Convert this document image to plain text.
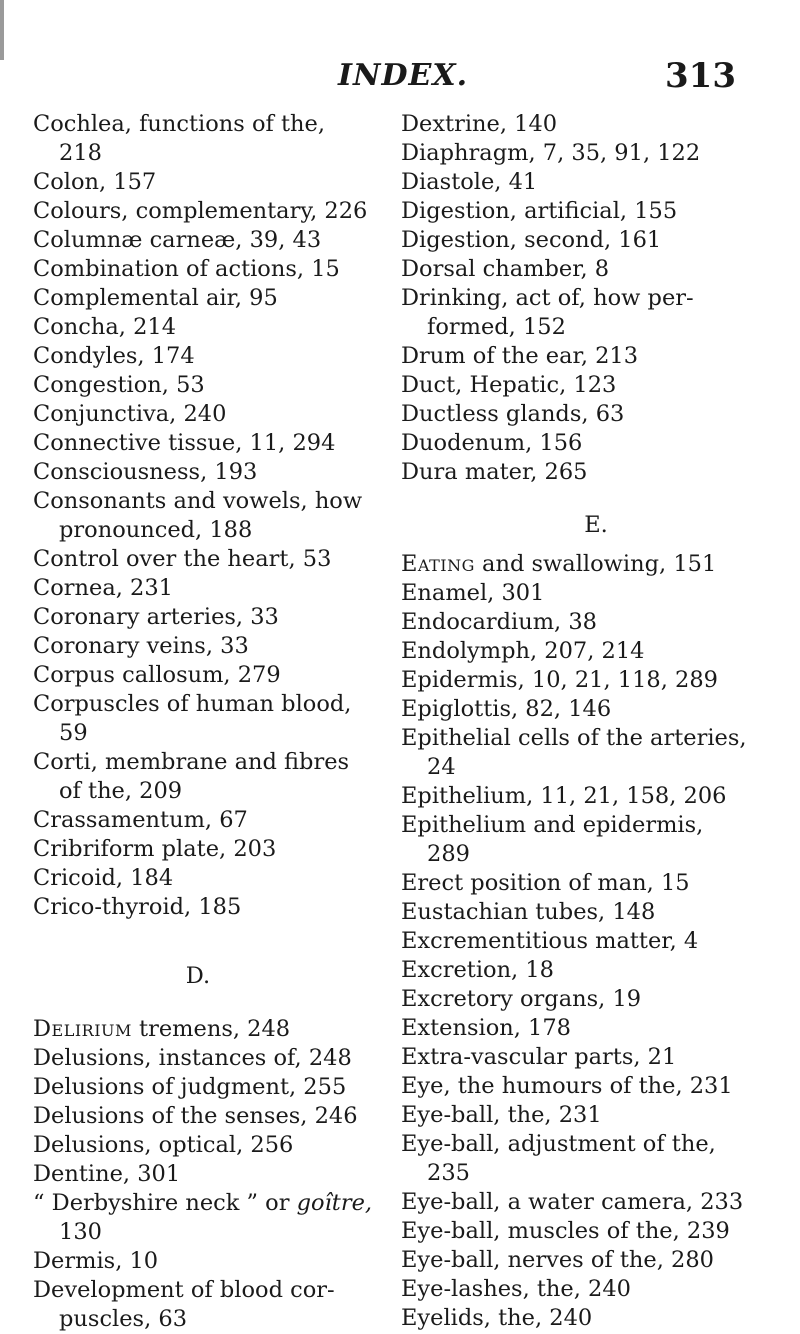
INDEX.	313
Cochlea, functions of the,
218
Colon, 157
Colours, complementary, 226
Columnæ carneæ, 39, 43
Combination of actions, 15
Complemental air, 95
Concha, 214
Condyles, 174
Congestion, 53
Conjunctiva, 240
Connective tissue, 11, 294
Consciousness, 193
Consonants and vowels, how
pronounced, 188
Control over the heart, 53
Cornea, 231
Coronary arteries, 33
Coronary veins, 33
Corpus callosum, 279
Corpuscles of human blood,
59
Corti, membrane and fibres
of the, 209
Crassamentum, 67
Cribriform plate, 203
Cricoid, 184
Crico-thyroid, 185
D.
Delirium tremens, 248
Delusions, instances of, 248
Delusions of judgment, 255
Delusions of the senses, 246
Delusions, optical, 256
Dentine, 301
“ Derbyshire neck ” or goître,
130
Dermis, 10
Development of blood cor-
puscles, 63
Dextrine, 140
Diaphragm, 7, 35, 91, 122
Diastole, 41
Digestion, artificial, 155
Digestion, second, 161
Dorsal chamber, 8
Drinking, act of, how per-
formed, 152
Drum of the ear, 213
Duct, Hepatic, 123
Ductless glands, 63
Duodenum, 156
Dura mater, 265
E.
Eating and swallowing, 151
Enamel, 301
Endocardium, 38
Endolymph, 207, 214
Epidermis, 10, 21, 118, 289
Epiglottis, 82, 146
Epithelial cells of the arteries,
24
Epithelium, 11, 21, 158, 206
Epithelium and epidermis,
289
Erect position of man, 15
Eustachian tubes, 148
Excrementitious matter, 4
Excretion, 18
Excretory organs, 19
Extension, 178
Extra-vascular parts, 21
Eye, the humours of the, 231
Eye-ball, the, 231
Eye-ball, adjustment of the,
235
Eye-ball, a water camera, 233
Eye-ball, muscles of the, 239
Eye-ball, nerves of the, 280
Eye-lashes, the, 240
Eyelids, the, 240
